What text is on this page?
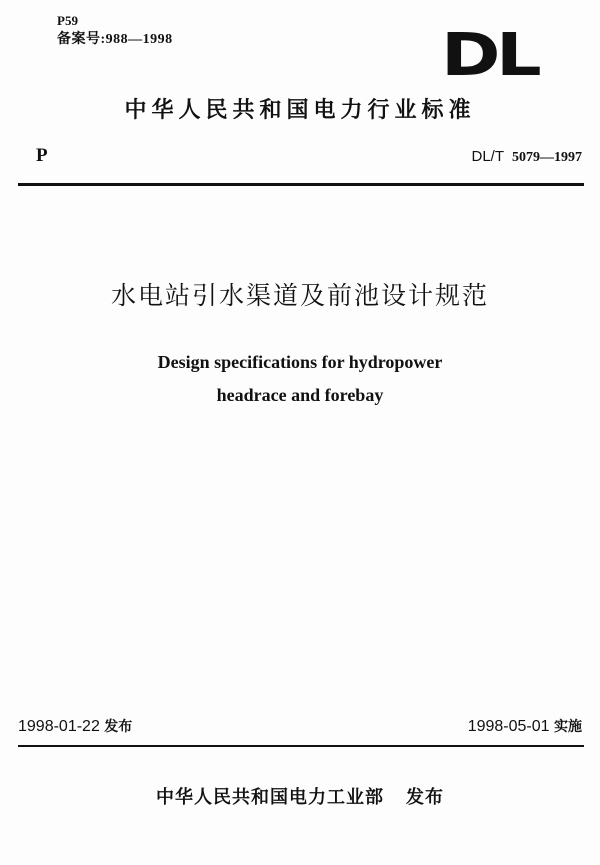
P59
备案号:988—1998	DL
中华人民共和国电力行业标准
P	DL/T 5079—1997
水电站引水渠道及前池设计规范
Design specifications for hydropower
headrace and forebay
1998-01-22 发布	1998-05-01 实施
中华人民共和国电力工业部 发布
